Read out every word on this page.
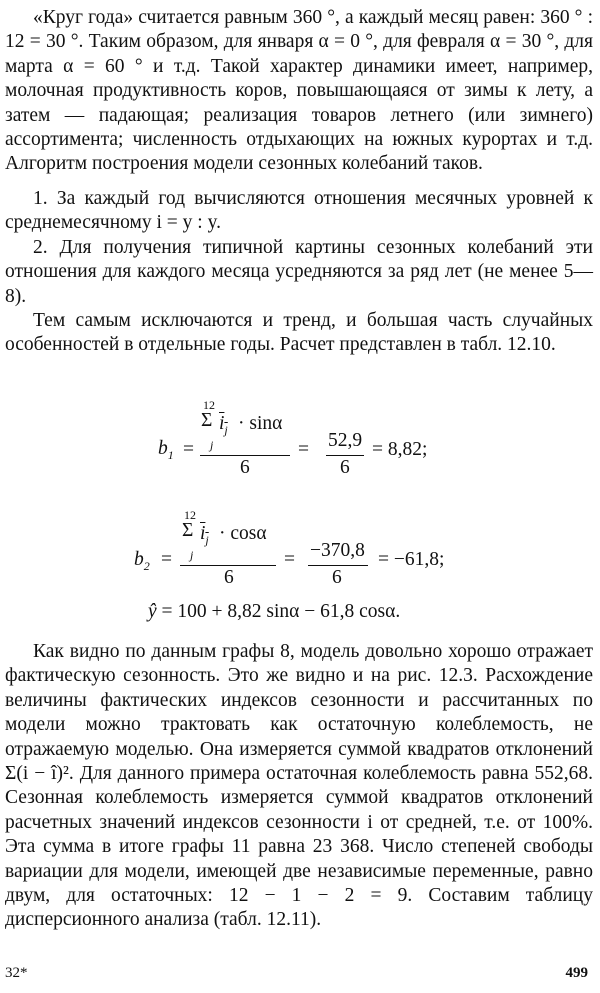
«Круг года» считается равным 360 °, а каждый месяц равен: 360 ° : 12 = 30 °. Таким образом, для января α = 0 °, для февраля α = 30 °, для марта α = 60 ° и т.д. Такой характер динамики имеет, например, молочная продуктивность коров, повышающаяся от зимы к лету, а затем — падающая; реализация товаров летнего (или зимнего) ассортимента; численность отдыхающих на южных курортах и т.д. Алгоритм построения модели сезонных колебаний таков.
1. За каждый год вычисляются отношения месячных уровней к среднемесячному i = y : y.
2. Для получения типичной картины сезонных колебаний эти отношения для каждого месяца усредняются за ряд лет (не менее 5—8).
Тем самым исключаются и тренд, и большая часть случайных особенностей в отдельные годы. Расчет представлен в табл. 12.10.
$b_1$ =
12
Σ $i_j \cdot \sin\alpha$
j
6
= 52,9
6
= 8,82;
$b_2$ =
12
Σ $i_j \cdot \cos\alpha$
j
6
= −370,8
6
= −61,8;
ŷ = 100 + 8,82 sinα − 61,8 cosα.
Как видно по данным графы 8, модель довольно хорошо отражает фактическую сезонность. Это же видно и на рис. 12.3. Расхождение величины фактических индексов сезонности и рассчитанных по модели можно трактовать как остаточную колеблемость, не отражаемую моделью. Она измеряется суммой квадратов отклонений Σ(i − î)². Для данного примера остаточная колеблемость равна 552,68. Сезонная колеблемость измеряется суммой квадратов отклонений расчетных значений индексов сезонности i от средней, т.е. от 100%. Эта сумма в итоге графы 11 равна 23 368. Число степеней свободы вариации для модели, имеющей две независимые переменные, равно двум, для остаточных: 12 − 1 − 2 = 9. Составим таблицу дисперсионного анализа (табл. 12.11).
32*	499
